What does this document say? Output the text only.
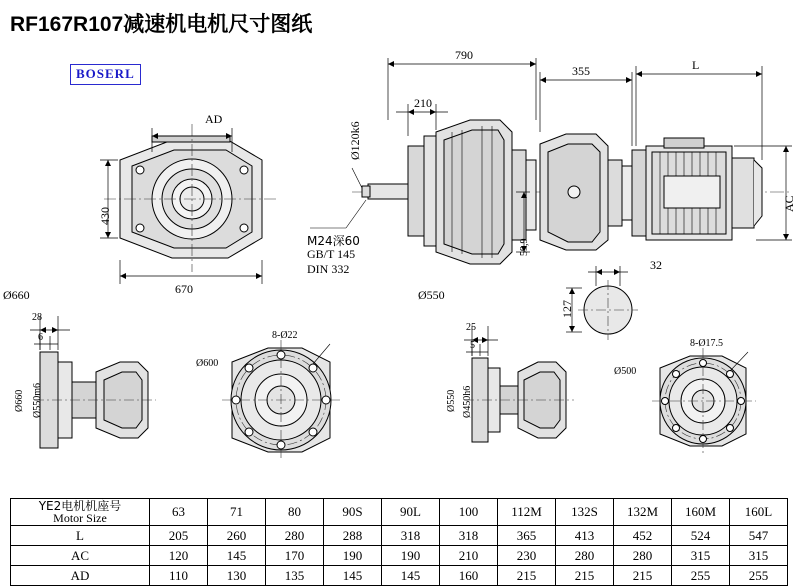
RF167R107减速机电机尺寸图纸
BOSERL
790
355	L
210
Ø120k6
59,9
AC
AD
430
670
M24深60
GB/T 145
DIN 332
Ø660	Ø550
32
127
28
6
Ø660 Ø550m6
Ø600
8-Ø22
25
5
Ø550 Ø450h6
Ø500
8-Ø17.5
YE2电机机座号
Motor Size	63	71	80	90S	90L	100	112M	132S	132M	160M	160L
L	205	260	280	288	318	318	365	413	452	524	547
AC	120	145	170	190	190	210	230	280	280	315	315
AD	110	130	135	145	145	160	215	215	215	255	255
